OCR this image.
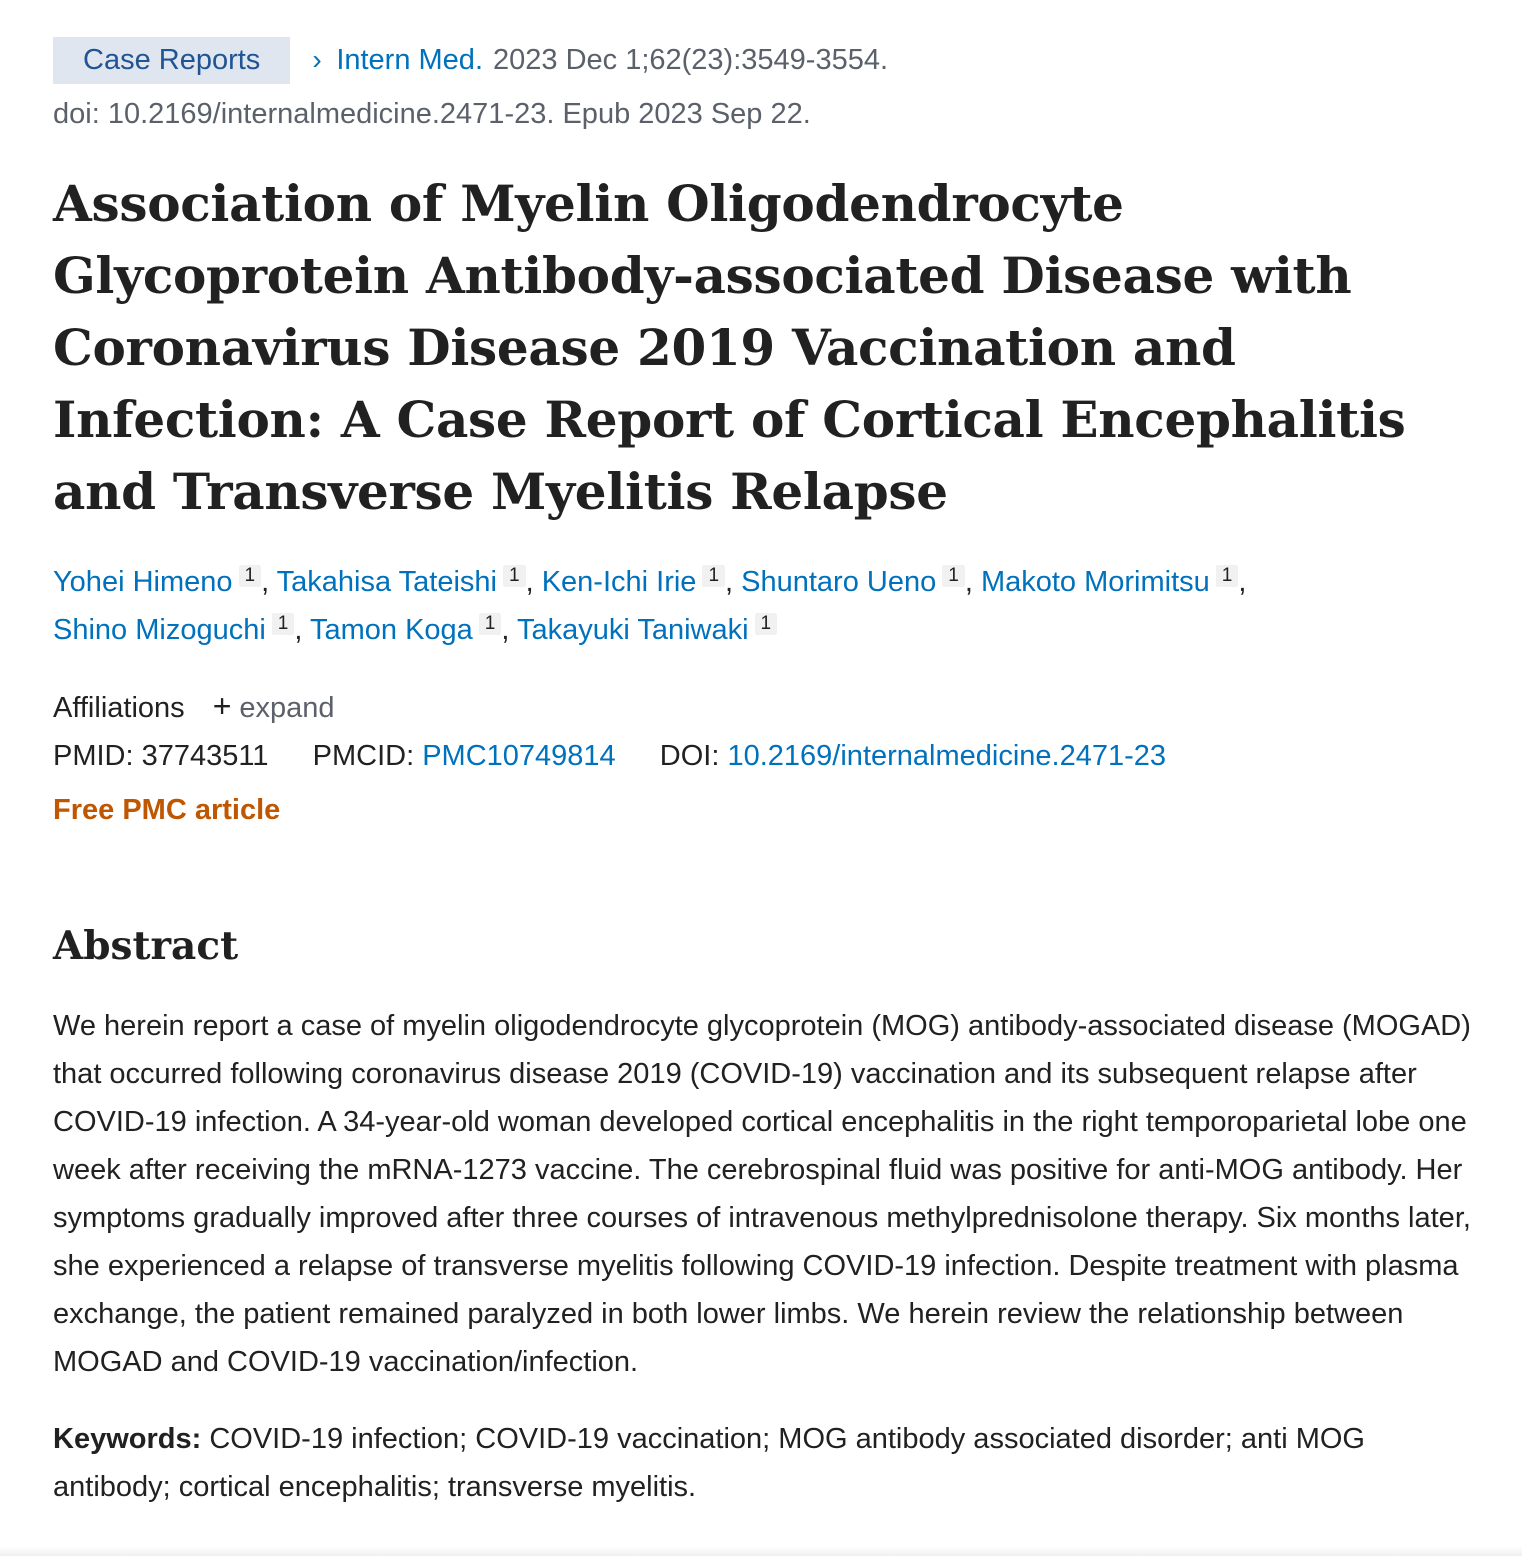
Case Reports	› Intern Med. 2023 Dec 1;62(23):3549-3554.
doi: 10.2169/internalmedicine.2471-23. Epub 2023 Sep 22.
Association of Myelin Oligodendrocyte Glycoprotein Antibody-associated Disease with Coronavirus Disease 2019 Vaccination and Infection: A Case Report of Cortical Encephalitis and Transverse Myelitis Relapse
Yohei Himeno 1 , Takahisa Tateishi 1 , Ken-Ichi Irie 1 , Shuntaro Ueno 1 , Makoto Morimitsu 1 ,
Shino Mizoguchi 1 , Tamon Koga 1 , Takayuki Taniwaki 1
Affiliations + expand
PMID: 37743511 PMCID: PMC10749814 DOI: 10.2169/internalmedicine.2471-23
Free PMC article
Abstract

We herein report a case of myelin oligodendrocyte glycoprotein (MOG) antibody-associated disease (MOGAD) that occurred following coronavirus disease 2019 (COVID-19) vaccination and its subsequent relapse after COVID-19 infection. A 34-year-old woman developed cortical encephalitis in the right temporoparietal lobe one week after receiving the mRNA-1273 vaccine. The cerebrospinal fluid was positive for anti-MOG antibody. Her symptoms gradually improved after three courses of intravenous methylprednisolone therapy. Six months later, she experienced a relapse of transverse myelitis following COVID-19 infection. Despite treatment with plasma exchange, the patient remained paralyzed in both lower limbs. We herein review the relationship between MOGAD and COVID-19 vaccination/infection.

Keywords: COVID-19 infection; COVID-19 vaccination; MOG antibody associated disorder; anti MOG antibody; cortical encephalitis; transverse myelitis.
